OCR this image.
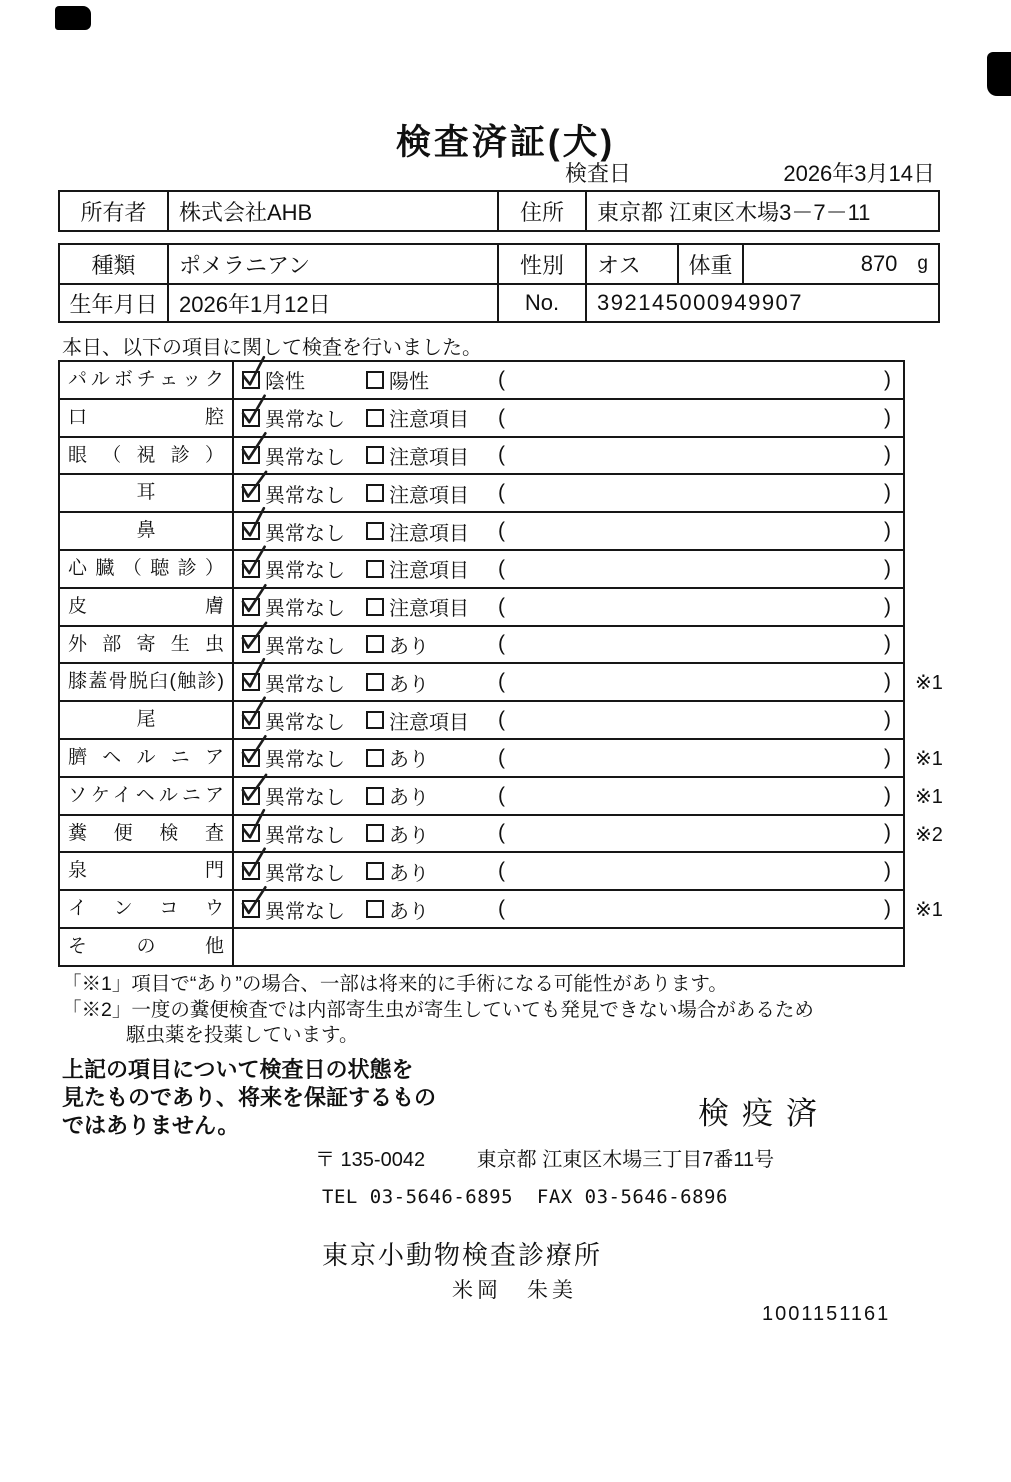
検査済証(犬)
検査日	2026年3月14日
所有者	株式会社AHB	住所	東京都 江東区木場3－7－11
種類	ポメラニアン	性別	オス	体重	870 g
生年月日 2026年1月12日	No.	392145000949907

本日、以下の項目に関して検査を行いました。

パルボチェック	陰性	陽性	(	)
口腔	異常なし 注意項目 (	)
眼（視診）	異常なし 注意項目 (	)
耳	異常なし 注意項目 (	)
鼻	異常なし 注意項目 (	)
心臓（聴診）	異常なし 注意項目 (	)
皮膚	異常なし 注意項目 (	)
外部寄生虫	異常なし あり	(	)
膝蓋骨脱臼(触診)	異常なし あり	(	) ※1
尾	異常なし 注意項目 (	)
臍ヘルニア	異常なし あり	(	) ※1
ソケイヘルニア	異常なし あり	(	) ※1
糞便検査	異常なし あり	(	) ※2
泉門	異常なし あり	(	)
インコウ	異常なし あり	(	) ※1
その他

「※1」項目で“あり”の場合、一部は将来的に手術になる可能性があります。

「※2」一度の糞便検査では内部寄生虫が寄生していても発見できない場合があるため
駆虫薬を投薬しています。

上記の項目について検査日の状態を
見たものであり、将来を保証するもの
ではありません。	検疫済
〒 135-0042	東京都 江東区木場三丁目7番11号
TEL 03-5646-6895  FAX 03-5646-6896
東京小動物検査診療所
米岡　朱美
1001151161
